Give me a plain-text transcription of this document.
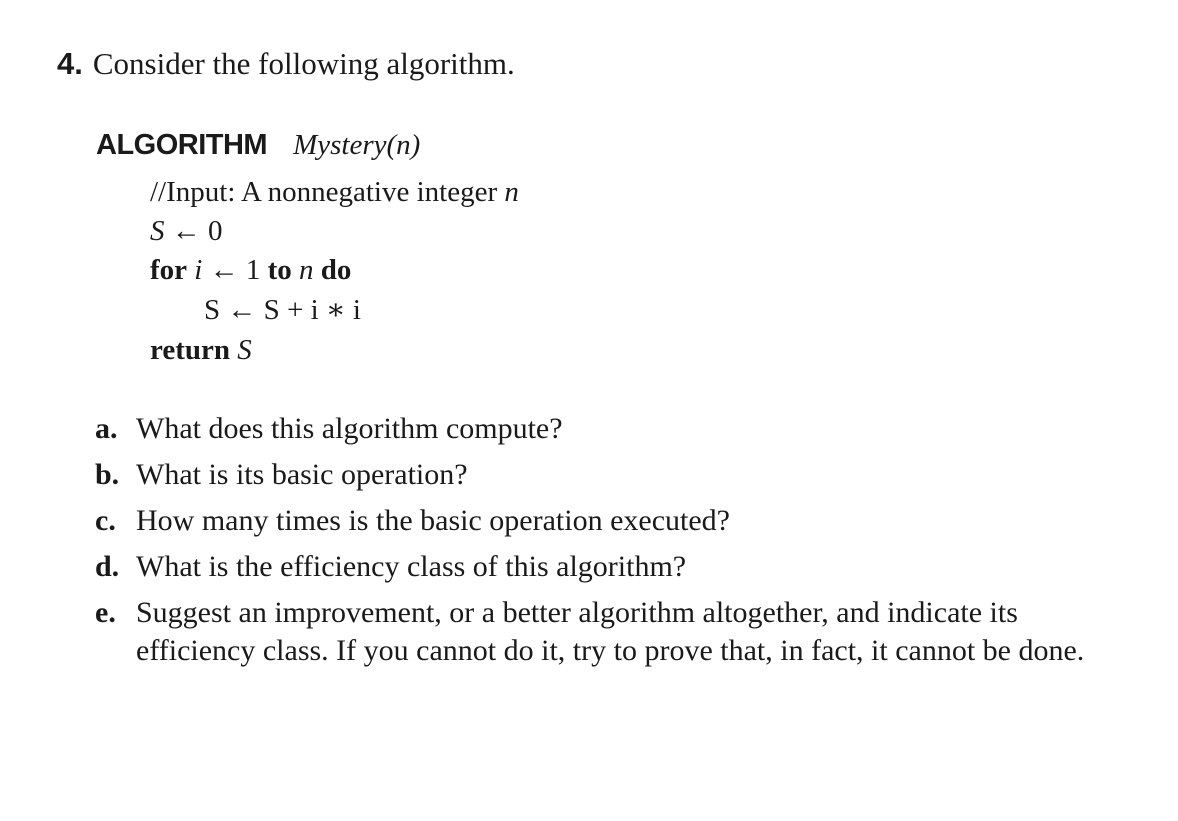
4. Consider the following algorithm.
ALGORITHM Mystery(n)
//Input: A nonnegative integer n
S ← 0
for i ← 1 to n do
S ← S + i ∗ i
return S
a. What does this algorithm compute?
b. What is its basic operation?
c. How many times is the basic operation executed?
d. What is the efficiency class of this algorithm?
e. Suggest an improvement, or a better algorithm altogether, and indicate its efficiency class. If you cannot do it, try to prove that, in fact, it cannot be done.
